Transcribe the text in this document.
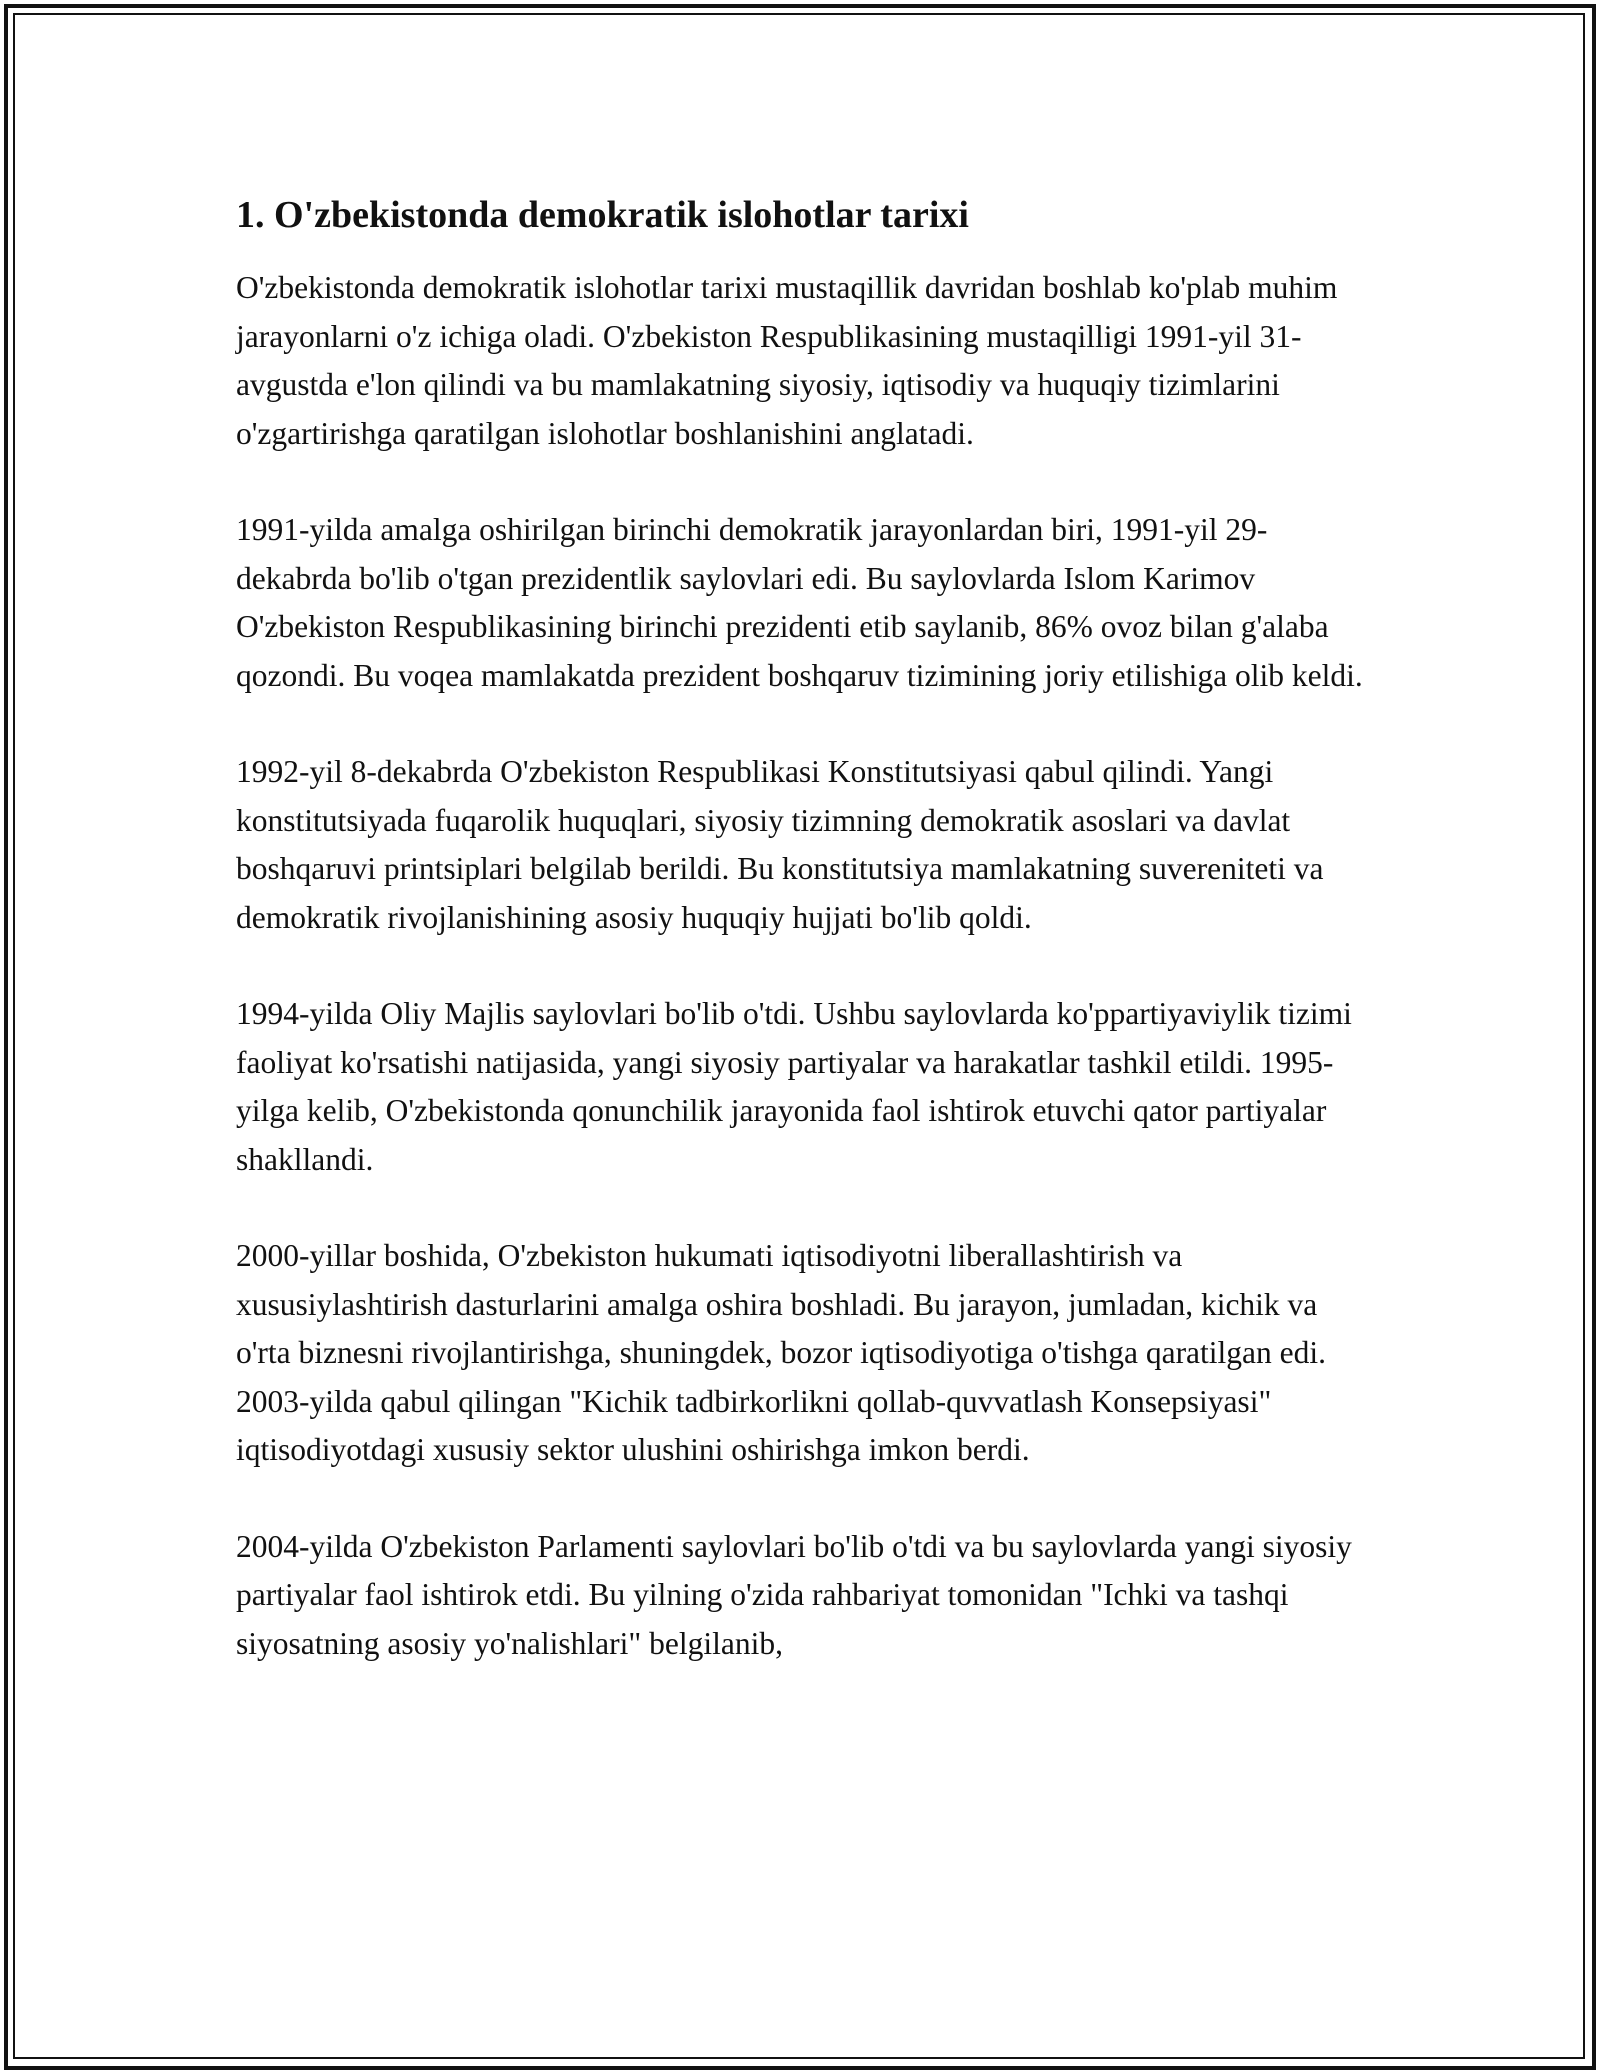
1. O'zbekistonda demokratik islohotlar tarixi

O'zbekistonda demokratik islohotlar tarixi mustaqillik davridan boshlab ko'plab muhim jarayonlarni o'z ichiga oladi. O'zbekiston Respublikasining mustaqilligi 1991-yil 31-avgustda e'lon qilindi va bu mamlakatning siyosiy, iqtisodiy va huquqiy tizimlarini o'zgartirishga qaratilgan islohotlar boshlanishini anglatadi.

1991-yilda amalga oshirilgan birinchi demokratik jarayonlardan biri, 1991-yil 29-dekabrda bo'lib o'tgan prezidentlik saylovlari edi. Bu saylovlarda Islom Karimov O'zbekiston Respublikasining birinchi prezidenti etib saylanib, 86% ovoz bilan g'alaba qozondi. Bu voqea mamlakatda prezident boshqaruv tizimining joriy etilishiga olib keldi.

1992-yil 8-dekabrda O'zbekiston Respublikasi Konstitutsiyasi qabul qilindi. Yangi konstitutsiyada fuqarolik huquqlari, siyosiy tizimning demokratik asoslari va davlat boshqaruvi printsiplari belgilab berildi. Bu konstitutsiya mamlakatning suvereniteti va demokratik rivojlanishining asosiy huquqiy hujjati bo'lib qoldi.

1994-yilda Oliy Majlis saylovlari bo'lib o'tdi. Ushbu saylovlarda ko'ppartiyaviylik tizimi faoliyat ko'rsatishi natijasida, yangi siyosiy partiyalar va harakatlar tashkil etildi. 1995-yilga kelib, O'zbekistonda qonunchilik jarayonida faol ishtirok etuvchi qator partiyalar shakllandi.

2000-yillar boshida, O'zbekiston hukumati iqtisodiyotni liberallashtirish va xususiylashtirish dasturlarini amalga oshira boshladi. Bu jarayon, jumladan, kichik va o'rta biznesni rivojlantirishga, shuningdek, bozor iqtisodiyotiga o'tishga qaratilgan edi. 2003-yilda qabul qilingan "Kichik tadbirkorlikni qollab-quvvatlash Konsepsiyasi" iqtisodiyotdagi xususiy sektor ulushini oshirishga imkon berdi.

2004-yilda O'zbekiston Parlamenti saylovlari bo'lib o'tdi va bu saylovlarda yangi siyosiy partiyalar faol ishtirok etdi. Bu yilning o'zida rahbariyat tomonidan "Ichki va tashqi siyosatning asosiy yo'nalishlari" belgilanib,
